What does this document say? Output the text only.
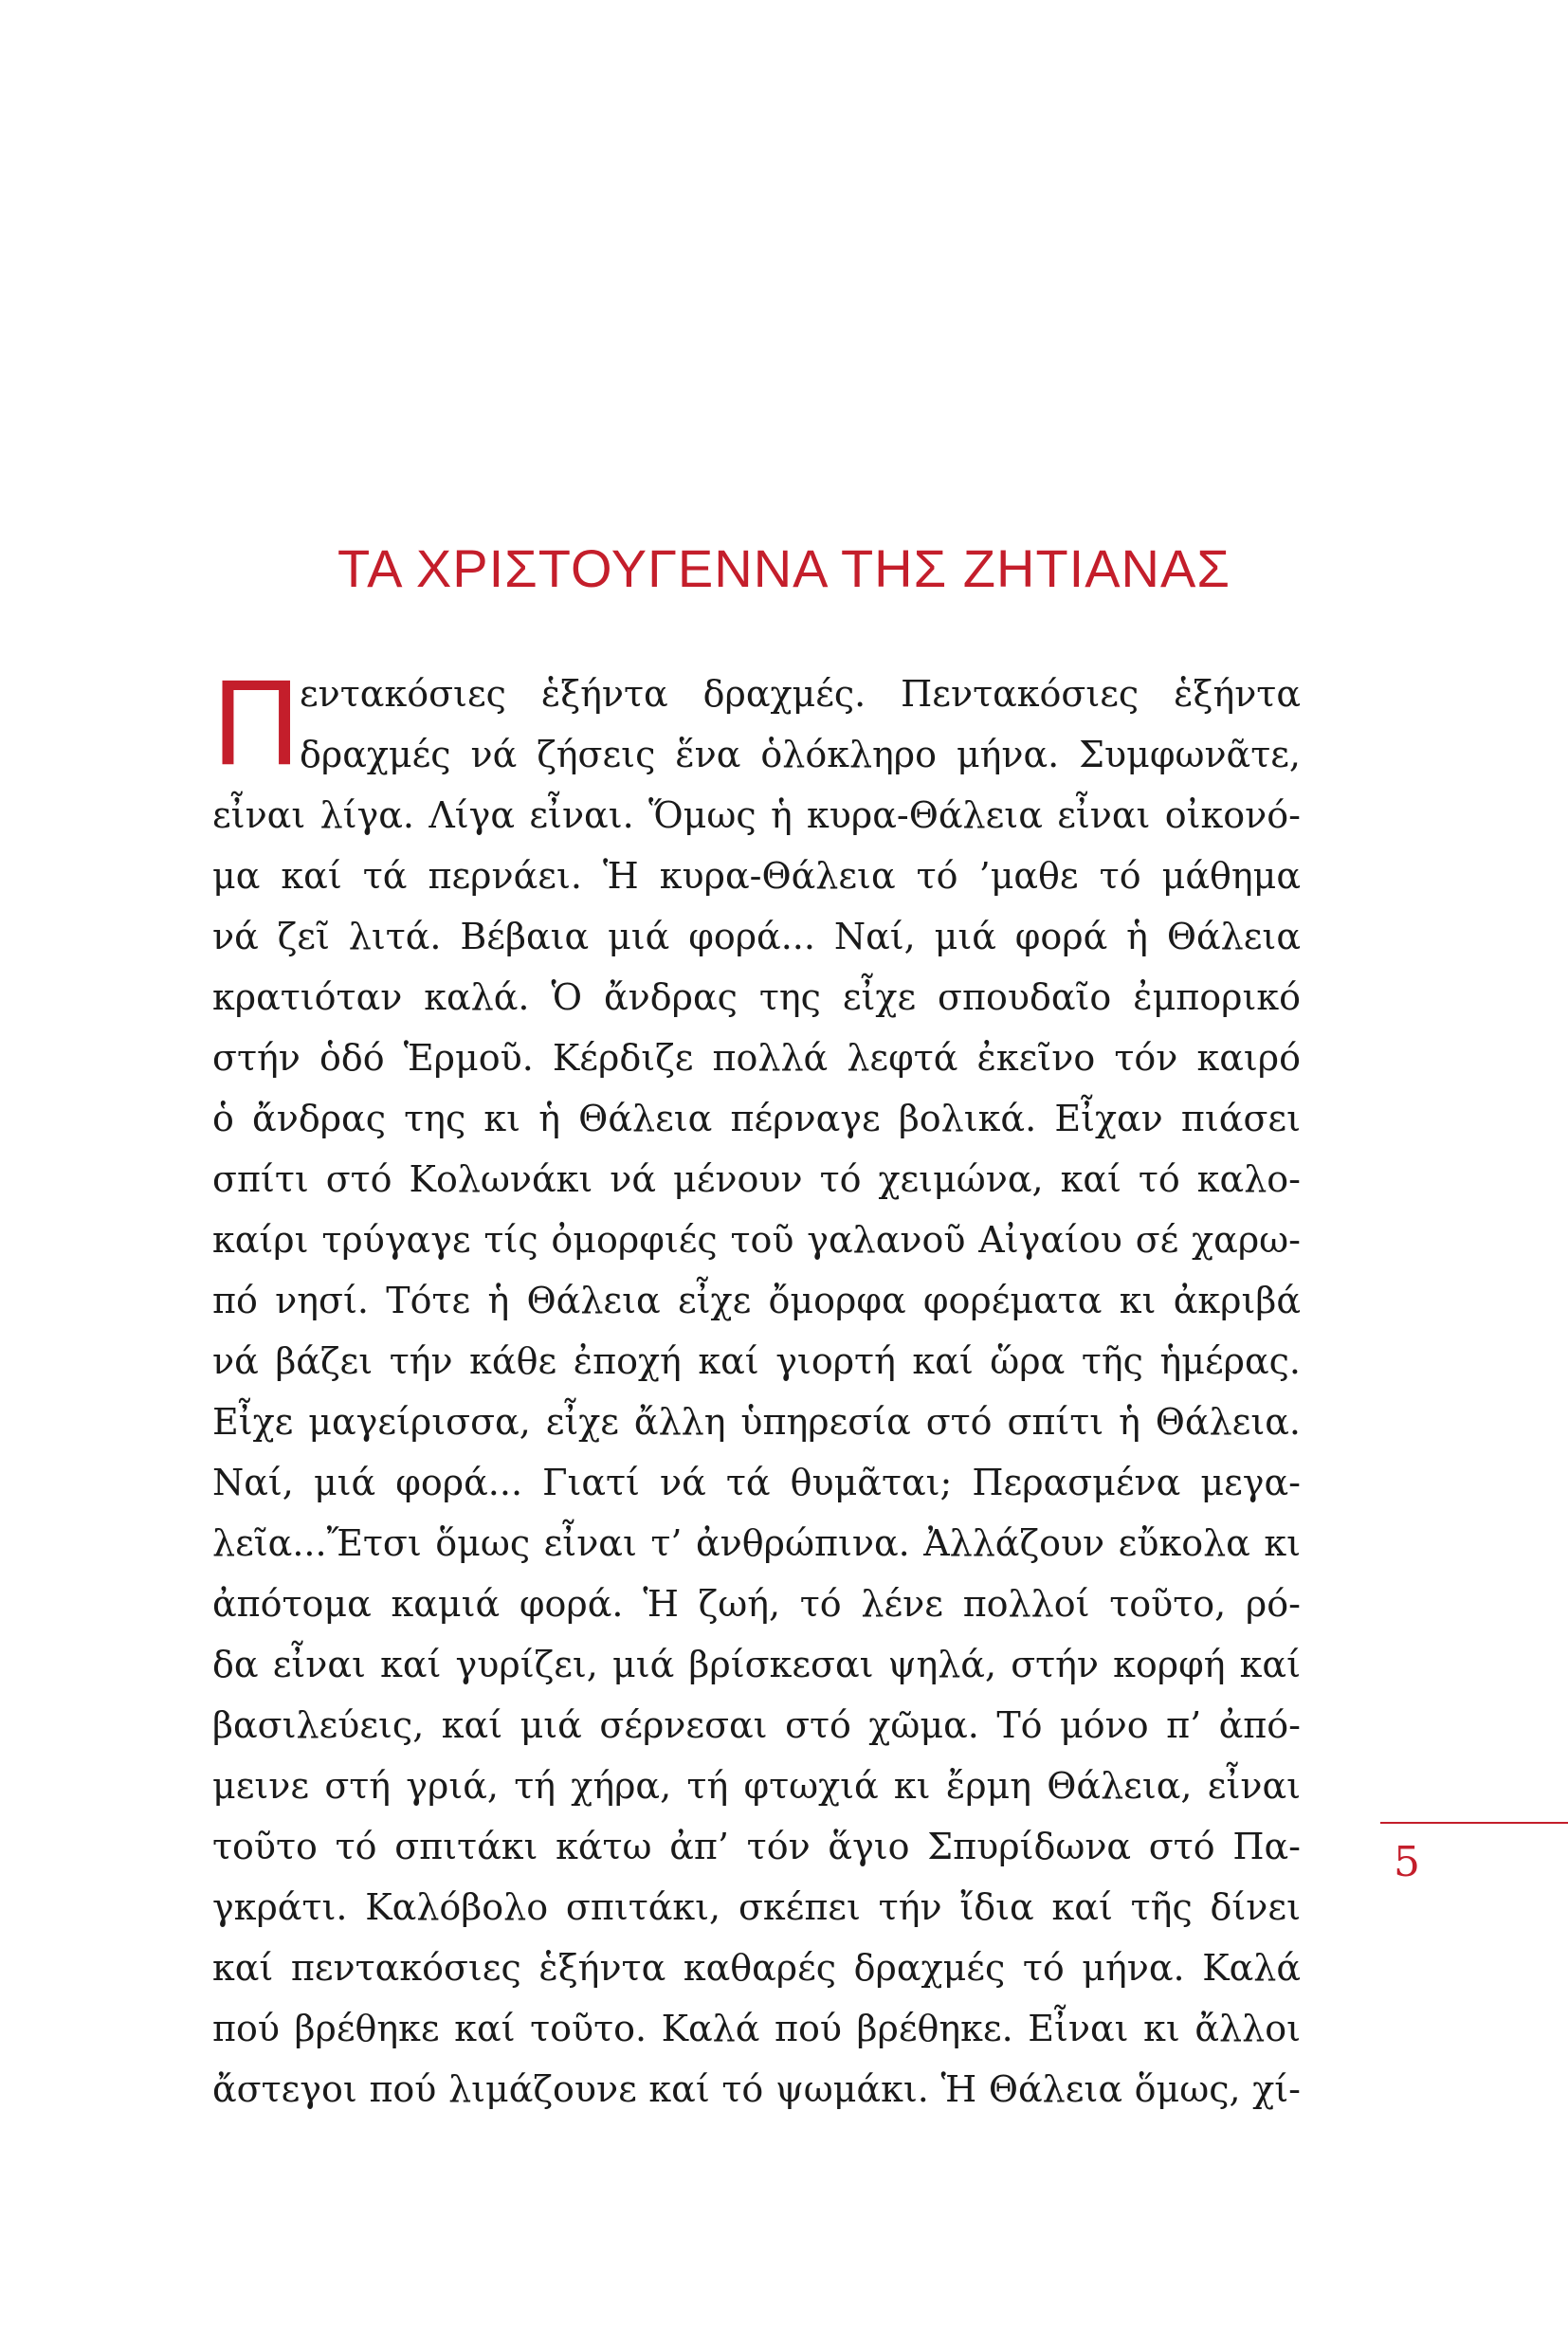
ΤΑ ΧΡΙΣΤΟΥΓΕΝΝΑ ΤΗΣ ΖΗΤΙΑΝΑΣ
Π εντακόσιες ἑξήντα δραχμές. Πεντακόσιες ἑξήντα
δραχμές νά ζήσεις ἕνα ὁλόκληρο μήνα. Συμφωνᾶτε,
εἶναι λίγα. Λίγα εἶναι. Ὅμως ἡ κυρα-Θάλεια εἶναι οἰκονό-
μα καί τά περνάει. Ἡ κυρα-Θάλεια τό ’μαθε τό μάθημα
νά ζεῖ λιτά. Βέβαια μιά φορά... Ναί, μιά φορά ἡ Θάλεια
κρατιόταν καλά. Ὁ ἄνδρας της εἶχε σπουδαῖο ἐμπορικό
στήν ὁδό Ἑρμοῦ. Κέρδιζε πολλά λεφτά ἐκεῖνο τόν καιρό
ὁ ἄνδρας της κι ἡ Θάλεια πέρναγε βολικά. Εἶχαν πιάσει
σπίτι στό Κολωνάκι νά μένουν τό χειμώνα, καί τό καλο-
καίρι τρύγαγε τίς ὀμορφιές τοῦ γαλανοῦ Αἰγαίου σέ χαρω-
πό νησί. Τότε ἡ Θάλεια εἶχε ὄμορφα φορέματα κι ἀκριβά
νά βάζει τήν κάθε ἐποχή καί γιορτή καί ὥρα τῆς ἡμέρας.
Εἶχε μαγείρισσα, εἶχε ἄλλη ὑπηρεσία στό σπίτι ἡ Θάλεια.
Ναί, μιά φορά... Γιατί νά τά θυμᾶται; Περασμένα μεγα-
λεῖα...Ἔτσι ὅμως εἶναι τ’ ἀνθρώπινα. Ἀλλάζουν εὔκολα κι
ἀπότομα καμιά φορά. Ἡ ζωή, τό λένε πολλοί τοῦτο, ρό-
δα εἶναι καί γυρίζει, μιά βρίσκεσαι ψηλά, στήν κορφή καί
βασιλεύεις, καί μιά σέρνεσαι στό χῶμα. Τό μόνο π’ ἀπό-
μεινε στή γριά, τή χήρα, τή φτωχιά κι ἔρμη Θάλεια, εἶναι
τοῦτο τό σπιτάκι κάτω ἀπ’ τόν ἅγιο Σπυρίδωνα στό Πα-
γκράτι. Καλόβολο σπιτάκι, σκέπει τήν ἴδια καί τῆς δίνει
καί πεντακόσιες ἑξήντα καθαρές δραχμές τό μήνα. Καλά
πού βρέθηκε καί τοῦτο. Καλά πού βρέθηκε. Εἶναι κι ἄλλοι
ἄστεγοι πού λιμάζουνε καί τό ψωμάκι. Ἡ Θάλεια ὅμως, χί-
5
